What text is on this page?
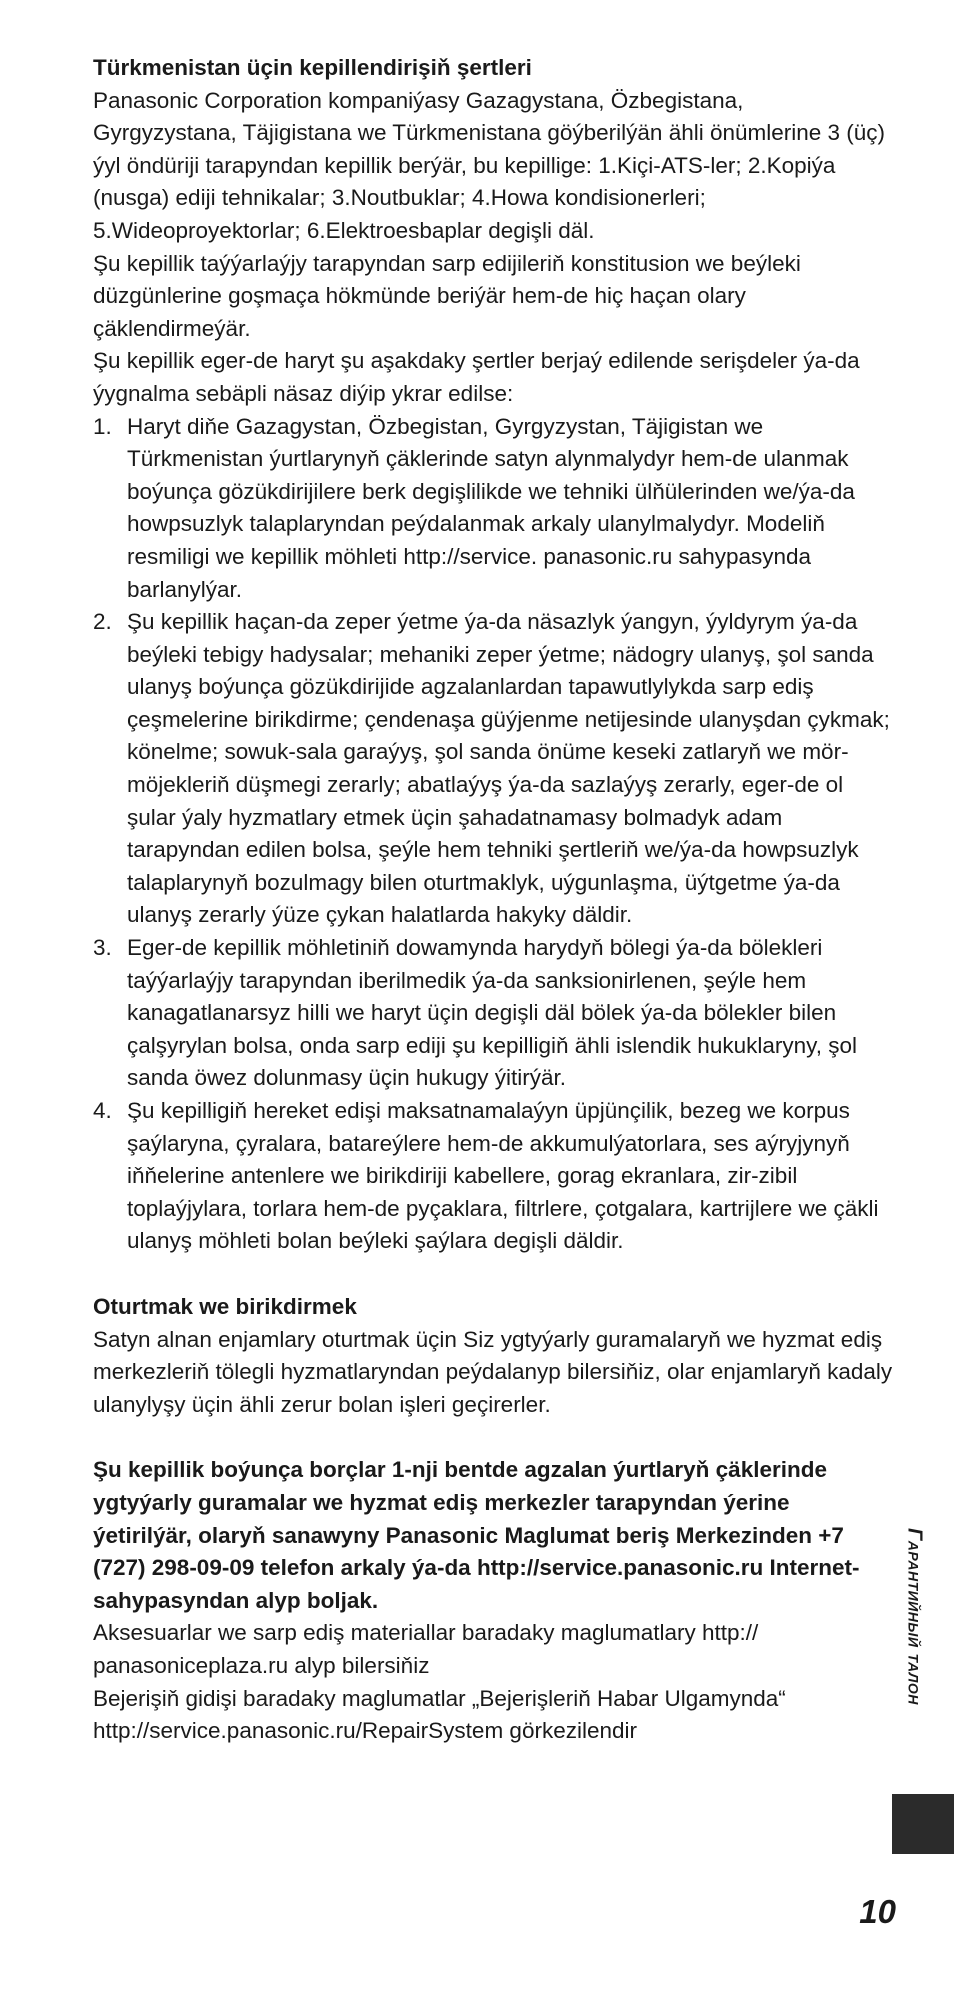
Türkmenistan üçin kepillendirişiň şertleri

Panasonic Corporation kompaniýasy Gazagystana, Özbegistana, Gyrgyzystana, Täjigistana we Türkmenistana göýberilýän ähli önümlerine 3 (üç) ýyl öndüriji tarapyndan kepillik berýär, bu kepillige: 1.Kiçi-ATS-ler; 2.Kopiýa (nusga) ediji tehnikalar; 3.Noutbuklar; 4.Howa kondisionerleri;

5.Wideoproyektorlar; 6.Elektroesbaplar degişli däl.

Şu kepillik taýýarlaýjy tarapyndan sarp edijileriň konstitusion we beýleki düzgünlerine goşmaça hökmünde beriýär hem-de hiç haçan olary çäklendirmeýär.

Şu kepillik eger-de haryt şu aşakdaky şertler berjaý edilende serişdeler ýa-da ýygnalma sebäpli näsaz diýip ykrar edilse:

1. Haryt diňe Gazagystan, Özbegistan, Gyrgyzystan, Täjigistan we Türkmenistan ýurtlarynyň çäklerinde satyn alynmalydyr hem-de ulanmak boýunça gözükdirijilere berk degişlilikde we tehniki ülňülerinden we/ýa-da howpsuzlyk talaplaryndan peýdalanmak arkaly ulanylmalydyr. Modeliň resmiligi we kepillik möhleti http://service. panasonic.ru sahypasynda barlanylýar.
2. Şu kepillik haçan-da zeper ýetme ýa-da näsazlyk ýangyn, ýyldyrym ýa-da beýleki tebigy hadysalar; mehaniki zeper ýetme; nädogry ulanyş, şol sanda ulanyş boýunça gözükdirijide agzalanlardan tapawutlylykda sarp ediş çeşmelerine birikdirme; çendenaşa güýjenme netijesinde ulanyşdan çykmak; könelme; sowuk-sala garaýyş, şol sanda önüme keseki zatlaryň we mör-möjekleriň düşmegi zerarly; abatlaýyş ýa-da sazlaýyş zerarly, eger-de ol şular ýaly hyzmatlary etmek üçin şahadatnamasy bolmadyk adam tarapyndan edilen bolsa, şeýle hem tehniki şertleriň we/ýa-da howpsuzlyk talaplarynyň bozulmagy bilen oturtmaklyk, uýgunlaşma, üýtgetme ýa-da ulanyş zerarly ýüze çykan halatlarda hakyky däldir.
3. Eger-de kepillik möhletiniň dowamynda harydyň bölegi ýa-da bölekleri taýýarlaýjy tarapyndan iberilmedik ýa-da sanksionirlenen, şeýle hem kanagatlanarsyz hilli we haryt üçin degişli däl bölek ýa-da bölekler bilen çalşyrylan bolsa, onda sarp ediji şu kepilligiň ähli islendik hukuklaryny, şol sanda öwez dolunmasy üçin hukugy ýitirýär.
4. Şu kepilligiň hereket edişi maksatnamalaýyn üpjünçilik, bezeg we korpus şaýlaryna, çyralara, batareýlere hem-de akkumulýatorlara, ses aýryjynyň iňňelerine antenlere we birikdiriji kabellere, gorag ekranlara, zir-zibil toplaýjylara, torlara hem-de pyçaklara, filtrlere, çotgalara, kartrijlere we çäkli ulanyş möhleti bolan beýleki şaýlara degişli däldir.

Oturtmak we birikdirmek

Satyn alnan enjamlary oturtmak üçin Siz ygtyýarly guramalaryň we hyzmat ediş merkezleriň tölegli hyzmatlaryndan peýdalanyp bilersiňiz, olar enjamlaryň kadaly ulanylyşy üçin ähli zerur bolan işleri geçirerler.

Şu kepillik boýunça borçlar 1-nji bentde agzalan ýurtlaryň çäklerinde ygtyýarly guramalar we hyzmat ediş merkezler tarapyndan ýerine ýetirilýär, olaryň sanawyny Panasonic Maglumat beriş Merkezinden +7 (727) 298-09-09 telefon arkaly ýa-da http://service.panasonic.ru Internet-sahypasyndan alyp boljak.

Aksesuarlar we sarp ediş materiallar baradaky maglumatlary http:// panasoniceplaza.ru alyp bilersiňiz

Bejerişiň gidişi baradaky maglumatlar „Bejerişleriň Habar Ulgamynda“ http://service.panasonic.ru/RepairSystem görkezilendir

Гарантийный талон
10
